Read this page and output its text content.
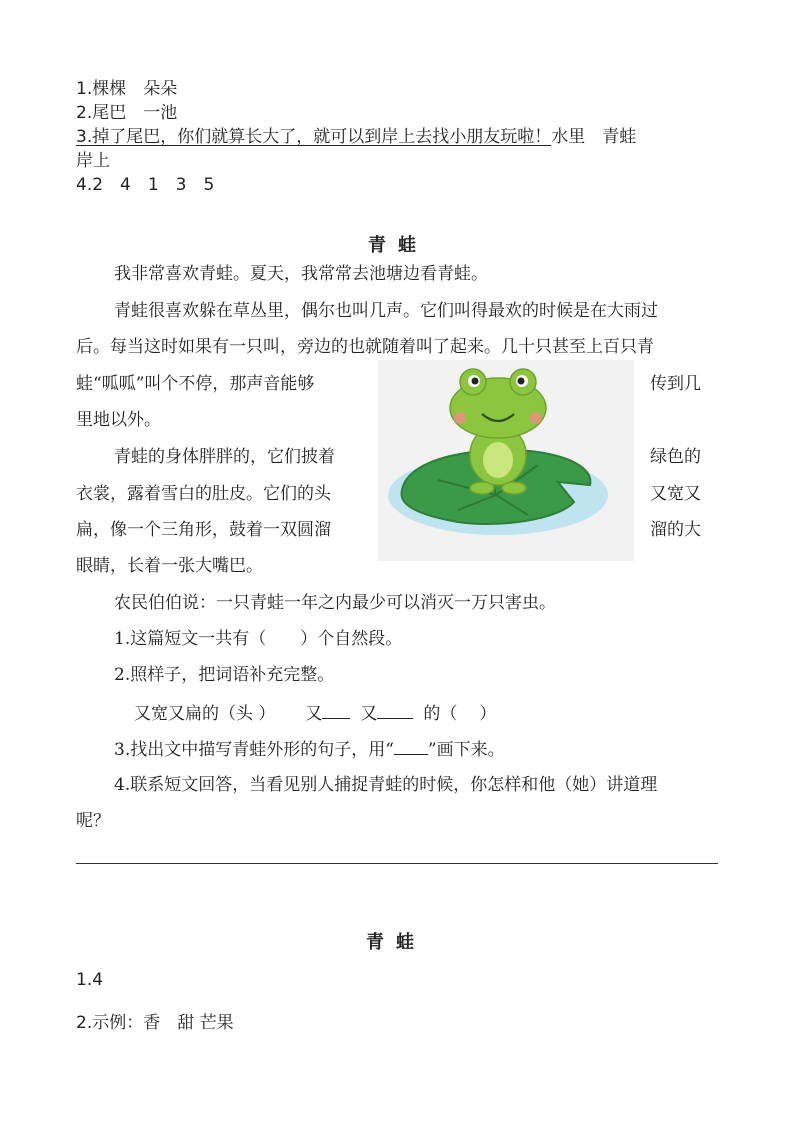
1.棵棵　朵朵
2.尾巴　一池
3.掉了尾巴，你们就算长大了，就可以到岸上去找小朋友玩啦！水里　青蛙
岸上
4.2　4　1　3　5
青蛙
我非常喜欢青蛙。夏天，我常常去池塘边看青蛙。
青蛙很喜欢躲在草丛里，偶尔也叫几声。它们叫得最欢的时候是在大雨过
后。每当这时如果有一只叫，旁边的也就随着叫了起来。几十只甚至上百只青
蛙“呱呱”叫个不停，那声音能够	传到几
里地以外。
青蛙的身体胖胖的，它们披着	绿色的
衣裳，露着雪白的肚皮。它们的头	又宽又
扁，像一个三角形，鼓着一双圆溜	溜的大
眼睛，长着一张大嘴巴。
农民伯伯说：一只青蛙一年之内最少可以消灭一万只害虫。
1.这篇短文一共有（ ）个自然段。
2.照样子，把词语补充完整。
又宽又扁的（头 ） 又 又	的（ ）
3.找出文中描写青蛙外形的句子，用“ ”画下来。
4.联系短文回答，当看见别人捕捉青蛙的时候，你怎样和他（她）讲道理
呢？
青蛙
1.4
2.示例：香　甜 芒果
